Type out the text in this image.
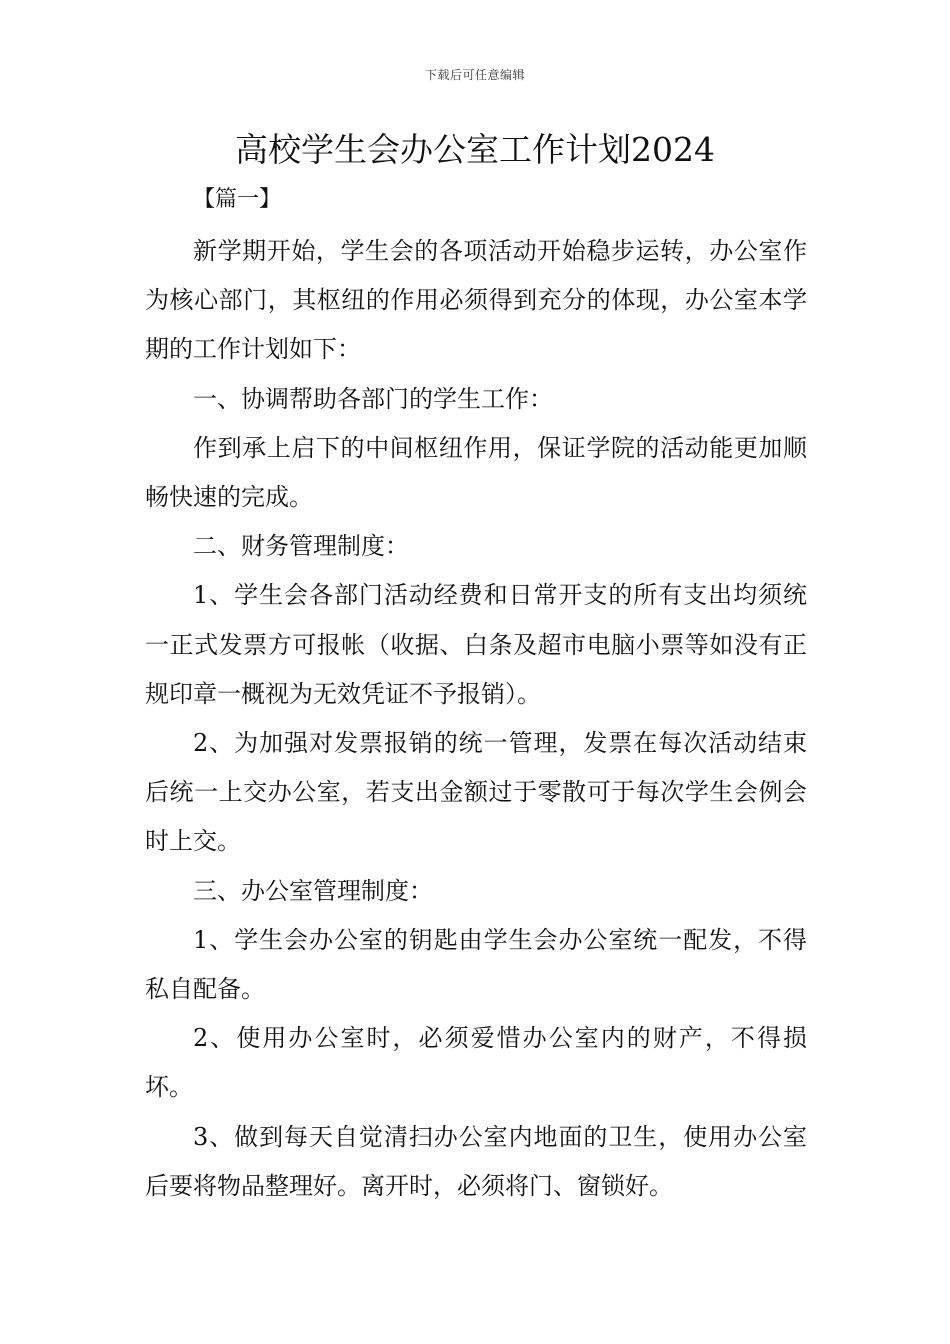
下载后可任意编辑
高校学生会办公室工作计划2024
【篇一】

新学期开始，学生会的各项活动开始稳步运转，办公室作为核心部门，其枢纽的作用必须得到充分的体现，办公室本学期的工作计划如下：

一、协调帮助各部门的学生工作：

作到承上启下的中间枢纽作用，保证学院的活动能更加顺畅快速的完成。

二、财务管理制度：

1、学生会各部门活动经费和日常开支的所有支出均须统一正式发票方可报帐（收据、白条及超市电脑小票等如没有正规印章一概视为无效凭证不予报销）。

2、为加强对发票报销的统一管理，发票在每次活动结束后统一上交办公室，若支出金额过于零散可于每次学生会例会时上交。

三、办公室管理制度：

1、学生会办公室的钥匙由学生会办公室统一配发，不得私自配备。

2、使用办公室时，必须爱惜办公室内的财产，不得损坏。

3、做到每天自觉清扫办公室内地面的卫生，使用办公室后要将物品整理好。离开时，必须将门、窗锁好。
